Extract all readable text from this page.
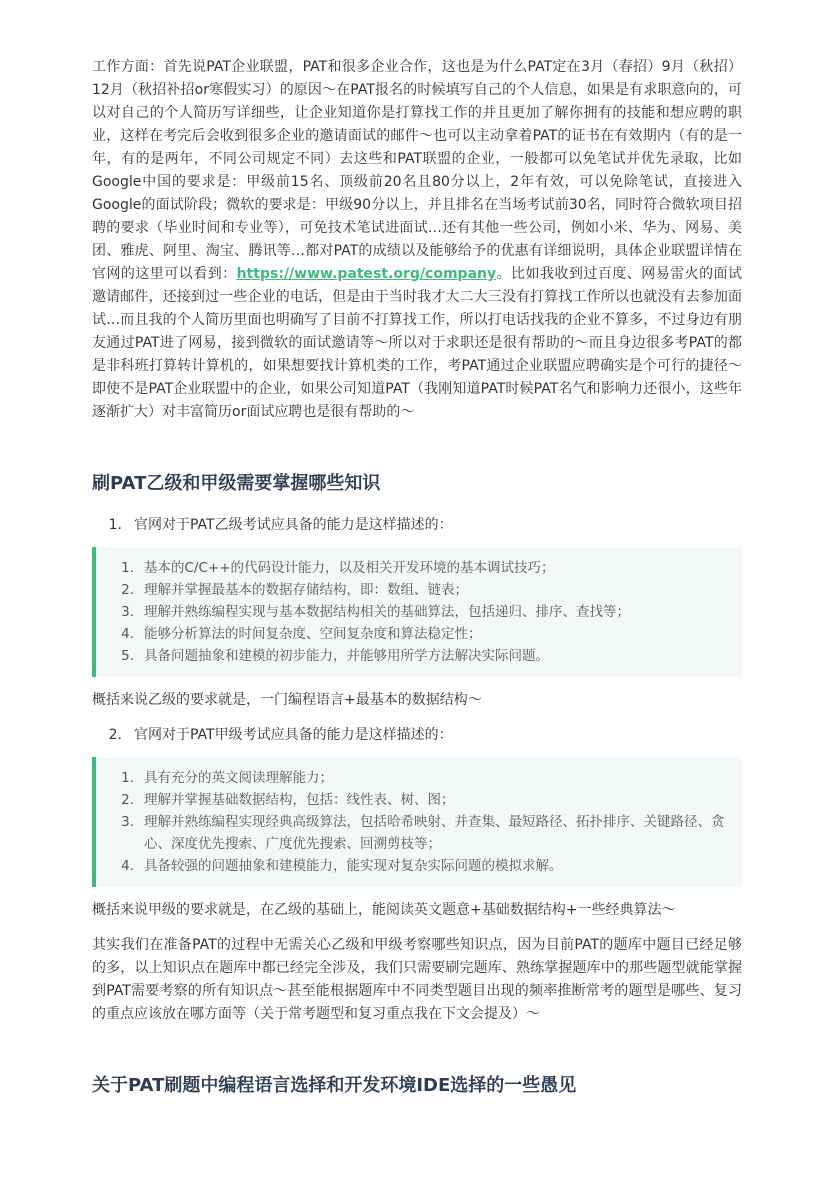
工作方面：首先说PAT企业联盟，PAT和很多企业合作，这也是为什么PAT定在3月（春招）9月（秋招）12月（秋招补招or寒假实习）的原因～在PAT报名的时候填写自己的个人信息，如果是有求职意向的，可以对自己的个人简历写详细些，让企业知道你是打算找工作的并且更加了解你拥有的技能和想应聘的职业，这样在考完后会收到很多企业的邀请面试的邮件～也可以主动拿着PAT的证书在有效期内（有的是一年，有的是两年，不同公司规定不同）去这些和PAT联盟的企业，一般都可以免笔试并优先录取，比如Google中国的要求是：甲级前15名、顶级前20名且80分以上，2年有效，可以免除笔试，直接进入Google的面试阶段；微软的要求是：甲级90分以上，并且排名在当场考试前30名，同时符合微软项目招聘的要求（毕业时间和专业等），可免技术笔试进面试…还有其他一些公司，例如小米、华为、网易、美团、雅虎、阿里、淘宝、腾讯等…都对PAT的成绩以及能够给予的优惠有详细说明，具体企业联盟详情在官网的这里可以看到：https://www.patest.org/company。比如我收到过百度、网易雷火的面试邀请邮件，还接到过一些企业的电话，但是由于当时我才大二大三没有打算找工作所以也就没有去参加面试…而且我的个人简历里面也明确写了目前不打算找工作，所以打电话找我的企业不算多，不过身边有朋友通过PAT进了网易，接到微软的面试邀请等～所以对于求职还是很有帮助的～而且身边很多考PAT的都是非科班打算转计算机的，如果想要找计算机类的工作，考PAT通过企业联盟应聘确实是个可行的捷径～即使不是PAT企业联盟中的企业，如果公司知道PAT（我刚知道PAT时候PAT名气和影响力还很小，这些年逐渐扩大）对丰富简历or面试应聘也是很有帮助的～

刷PAT乙级和甲级需要掌握哪些知识
1. 官网对于PAT乙级考试应具备的能力是这样描述的：
1. 基本的C/C++的代码设计能力，以及相关开发环境的基本调试技巧；
2. 理解并掌握最基本的数据存储结构，即：数组、链表；
3. 理解并熟练编程实现与基本数据结构相关的基础算法，包括递归、排序、查找等；
4. 能够分析算法的时间复杂度、空间复杂度和算法稳定性；
5. 具备问题抽象和建模的初步能力，并能够用所学方法解决实际问题。

概括来说乙级的要求就是，一门编程语言+最基本的数据结构～

2. 官网对于PAT甲级考试应具备的能力是这样描述的：
1. 具有充分的英文阅读理解能力；
2. 理解并掌握基础数据结构，包括：线性表、树、图；
3. 理解并熟练编程实现经典高级算法，包括哈希映射、并查集、最短路径、拓扑排序、关键路径、贪心、深度优先搜索、广度优先搜索、回溯剪枝等；
4. 具备较强的问题抽象和建模能力，能实现对复杂实际问题的模拟求解。

概括来说甲级的要求就是，在乙级的基础上，能阅读英文题意+基础数据结构+一些经典算法～

其实我们在准备PAT的过程中无需关心乙级和甲级考察哪些知识点，因为目前PAT的题库中题目已经足够的多，以上知识点在题库中都已经完全涉及，我们只需要刷完题库、熟练掌握题库中的那些题型就能掌握到PAT需要考察的所有知识点～甚至能根据题库中不同类型题目出现的频率推断常考的题型是哪些、复习的重点应该放在哪方面等（关于常考题型和复习重点我在下文会提及）～

关于PAT刷题中编程语言选择和开发环境IDE选择的一些愚见
